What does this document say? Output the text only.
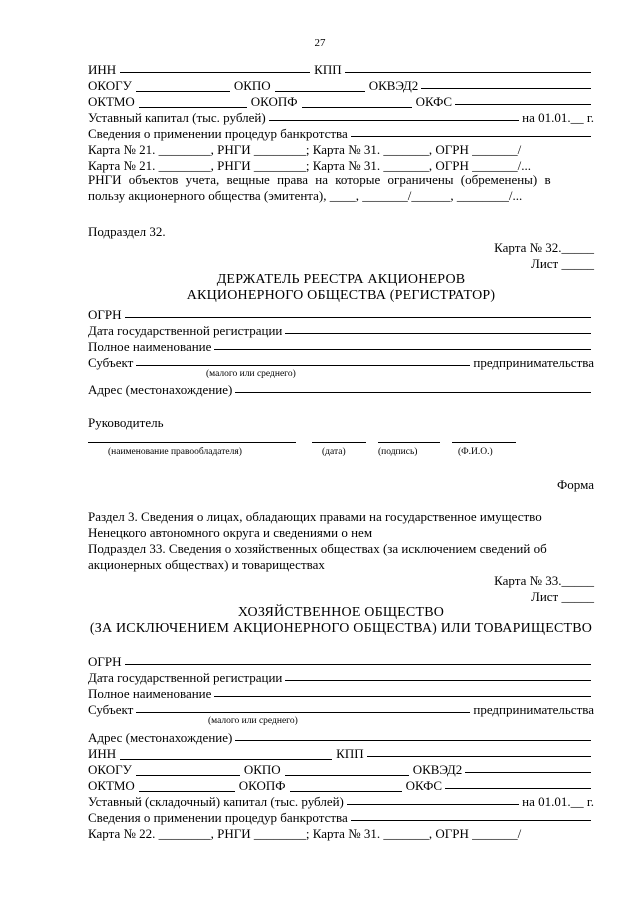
27
ИНН	КПП
ОКОГУ	ОКПО	ОКВЭД2
ОКТМО	ОКОПФ	ОКФС
Уставный капитал (тыс. рублей)	на 01.01.__ г.
Сведения о применении процедур банкротства
Карта № 21. ________, РНГИ ________; Карта № 31. _______, ОГРН _______/
Карта № 21. ________, РНГИ ________; Карта № 31. _______, ОГРН _______/...
РНГИ объектов учета, вещные права на которые ограничены (обременены) в
пользу акционерного общества (эмитента), ____, _______/______, ________/...
Подраздел 32.
Карта № 32._____
Лист _____
ДЕРЖАТЕЛЬ РЕЕСТРА АКЦИОНЕРОВ
АКЦИОНЕРНОГО ОБЩЕСТВА (РЕГИСТРАТОР)
ОГРН
Дата государственной регистрации
Полное наименование
Субъект	предпринимательства
(малого или среднего)
Адрес (местонахождение)
Руководитель
(наименование правообладателя)	(дата)	(подпись)	(Ф.И.О.)
Форма
Раздел 3. Сведения о лицах, обладающих правами на государственное имущество
Ненецкого автономного округа и сведениями о нем
Подраздел 33. Сведения о хозяйственных обществах (за исключением сведений об
акционерных обществах) и товариществах
Карта № 33._____
Лист _____
ХОЗЯЙСТВЕННОЕ ОБЩЕСТВО
(ЗА ИСКЛЮЧЕНИЕМ АКЦИОНЕРНОГО ОБЩЕСТВА) ИЛИ ТОВАРИЩЕСТВО
ОГРН
Дата государственной регистрации
Полное наименование
Субъект	предпринимательства
(малого или среднего)
Адрес (местонахождение)
ИНН	КПП
ОКОГУ	ОКПО	ОКВЭД2
ОКТМО	ОКОПФ	ОКФС
Уставный (складочный) капитал (тыс. рублей)	на 01.01.__ г.
Сведения о применении процедур банкротства
Карта № 22. ________, РНГИ ________; Карта № 31. _______, ОГРН _______/
